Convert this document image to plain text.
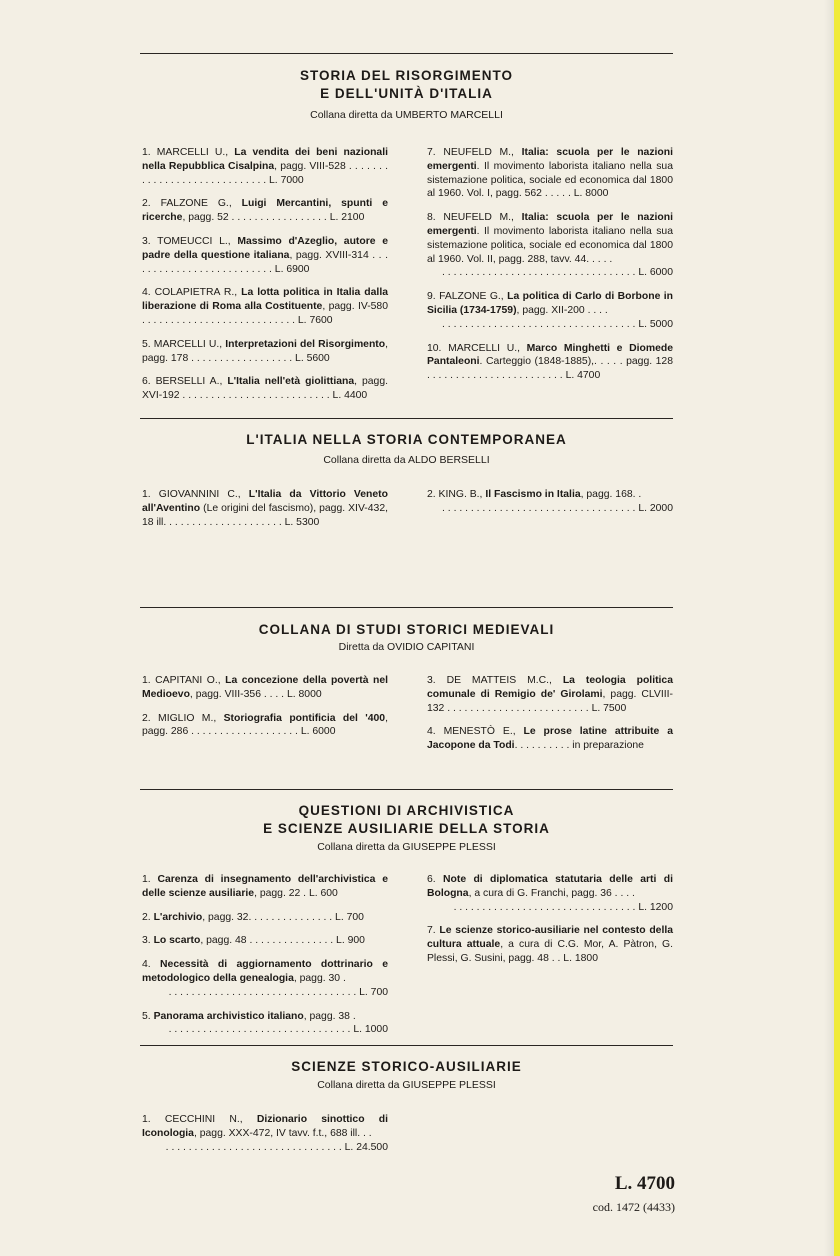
STORIA DEL RISORGIMENTO
E DELL'UNITÀ D'ITALIA
Collana diretta da UMBERTO MARCELLI

1. MARCELLI U., La vendita dei beni nazionali nella Repubblica Cisalpina, pagg. VIII-528 . . . . . . . . . . . . . . . . . . . . . . . . . . . . . L. 7000

2. FALZONE G., Luigi Mercantini, spunti e ricerche, pagg. 52 . . . . . . . . . . . . . . . . . L. 2100

3. TOMEUCCI L., Massimo d'Azeglio, autore e padre della questione italiana, pagg. XVIII-314 . . . . . . . . . . . . . . . . . . . . . . . . . . L. 6900

4. COLAPIETRA R., La lotta politica in Italia dalla liberazione di Roma alla Costituente, pagg. IV-580 . . . . . . . . . . . . . . . . . . . . . . . . . . . L. 7600

5. MARCELLI U., Interpretazioni del Risorgimento, pagg. 178 . . . . . . . . . . . . . . . . . . L. 5600

6. BERSELLI A., L'Italia nell'età giolittiana, pagg. XVI-192 . . . . . . . . . . . . . . . . . . . . . . . . . . L. 4400

7. NEUFELD M., Italia: scuola per le nazioni emergenti. Il movimento laborista italiano nella sua sistemazione politica, sociale ed economica dal 1800 al 1960. Vol. I, pagg. 562 . . . . . L. 8000

8. NEUFELD M., Italia: scuola per le nazioni emergenti. Il movimento laborista italiano nella sua sistemazione politica, sociale ed economica dal 1800 al 1960. Vol. II, pagg. 288, tavv. 44. . . . .
. . . . . . . . . . . . . . . . . . . . . . . . . . . . . . . . . . L. 6000

9. FALZONE G., La politica di Carlo di Borbone in Sicilia (1734-1759), pagg. XII-200 . . . .
. . . . . . . . . . . . . . . . . . . . . . . . . . . . . . . . . . L. 5000

10. MARCELLI U., Marco Minghetti e Diomede Pantaleoni. Carteggio (1848-1885),. . . . . pagg. 128 . . . . . . . . . . . . . . . . . . . . . . . . L. 4700

L'ITALIA NELLA STORIA CONTEMPORANEA
Collana diretta da ALDO BERSELLI

1. GIOVANNINI C., L'Italia da Vittorio Veneto all'Aventino (Le origini del fascismo), pagg. XIV-432, 18 ill. . . . . . . . . . . . . . . . . . . . . L. 5300

2. KING. B., Il Fascismo in Italia, pagg. 168. .
. . . . . . . . . . . . . . . . . . . . . . . . . . . . . . . . . . L. 2000

COLLANA DI STUDI STORICI MEDIEVALI
Diretta da OVIDIO CAPITANI

1. CAPITANI O., La concezione della povertà nel Medioevo, pagg. VIII-356 . . . . L. 8000

2. MIGLIO M., Storiografia pontificia del '400, pagg. 286 . . . . . . . . . . . . . . . . . . . L. 6000

3. DE MATTEIS M.C., La teologia politica comunale di Remigio de' Girolami, pagg. CLVIII-132 . . . . . . . . . . . . . . . . . . . . . . . . . L. 7500

4. MENESTÒ E., Le prose latine attribuite a Jacopone da Todi. . . . . . . . . . in preparazione

QUESTIONI DI ARCHIVISTICA
E SCIENZE AUSILIARIE DELLA STORIA
Collana diretta da GIUSEPPE PLESSI

1. Carenza di insegnamento dell'archivistica e delle scienze ausiliarie, pagg. 22 . L. 600

2. L'archivio, pagg. 32. . . . . . . . . . . . . . . L. 700

3. Lo scarto, pagg. 48 . . . . . . . . . . . . . . . L. 900

4. Necessità di aggiornamento dottrinario e metodologico della genealogia, pagg. 30 .
. . . . . . . . . . . . . . . . . . . . . . . . . . . . . . . . . L. 700

5. Panorama archivistico italiano, pagg. 38 .
. . . . . . . . . . . . . . . . . . . . . . . . . . . . . . . . L. 1000

6. Note di diplomatica statutaria delle arti di Bologna, a cura di G. Franchi, pagg. 36 . . . .
. . . . . . . . . . . . . . . . . . . . . . . . . . . . . . . . L. 1200

7. Le scienze storico-ausiliarie nel contesto della cultura attuale, a cura di C.G. Mor, A. Pàtron, G. Plessi, G. Susini, pagg. 48 . . L. 1800

SCIENZE STORICO-AUSILIARIE
Collana diretta da GIUSEPPE PLESSI

1. CECCHINI N., Dizionario sinottico di Iconologia, pagg. XXX-472, IV tavv. f.t., 688 ill. . .
. . . . . . . . . . . . . . . . . . . . . . . . . . . . . . . L. 24.500

L. 4700
cod. 1472 (4433)
